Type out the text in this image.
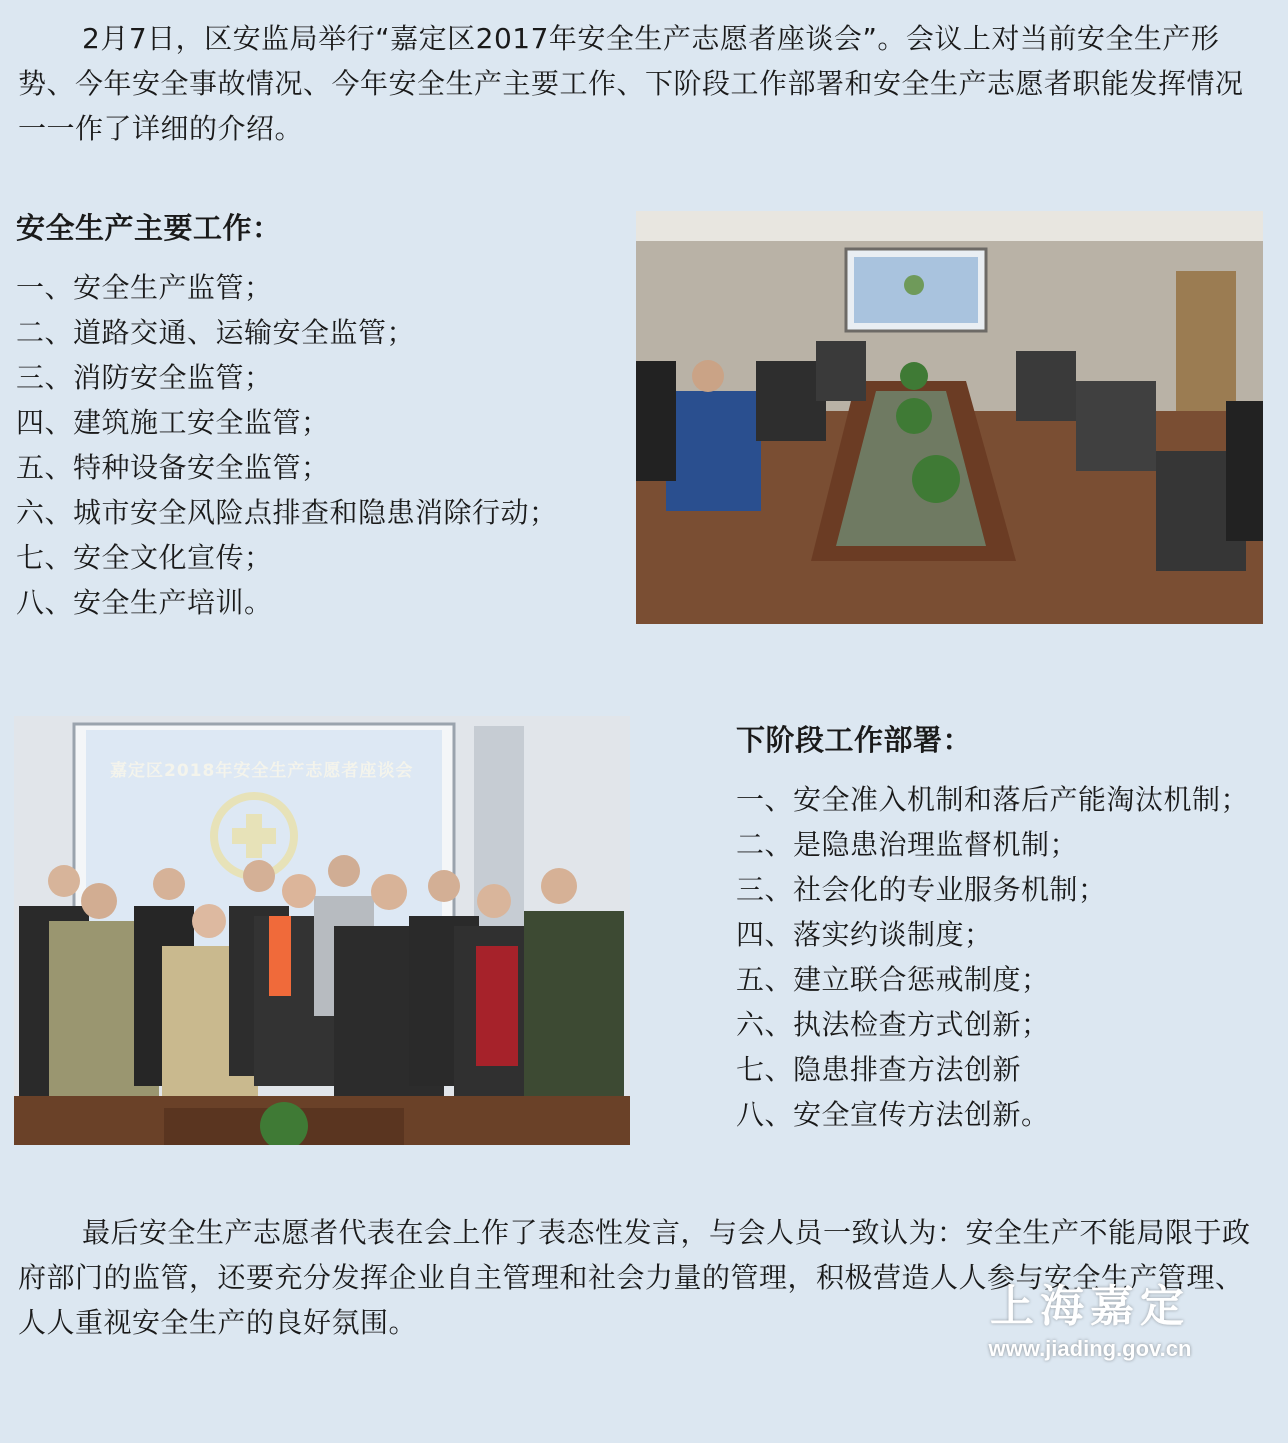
2月7日，区安监局举行“嘉定区2017年安全生产志愿者座谈会”。会议上对当前安全生产形势、今年安全事故情况、今年安全生产主要工作、下阶段工作部署和安全生产志愿者职能发挥情况一一作了详细的介绍。

安全生产主要工作：
一、安全生产监管；
二、道路交通、运输安全监管；
三、消防安全监管；
四、建筑施工安全监管；
五、特种设备安全监管；
六、城市安全风险点排查和隐患消除行动；
七、安全文化宣传；
八、安全生产培训。
嘉定区2018年安全生产志愿者座谈会
下阶段工作部署：
一、安全准入机制和落后产能淘汰机制；
二、是隐患治理监督机制；
三、社会化的专业服务机制；
四、落实约谈制度；
五、建立联合惩戒制度；
六、执法检查方式创新；
七、隐患排查方法创新
八、安全宣传方法创新。

最后安全生产志愿者代表在会上作了表态性发言，与会人员一致认为：安全生产不能局限于政府部门的监管，还要充分发挥企业自主管理和社会力量的管理，积极营造人人参与安全生产管理、人人重视安全生产的良好氛围。	上海嘉定
www.jiading.gov.cn
